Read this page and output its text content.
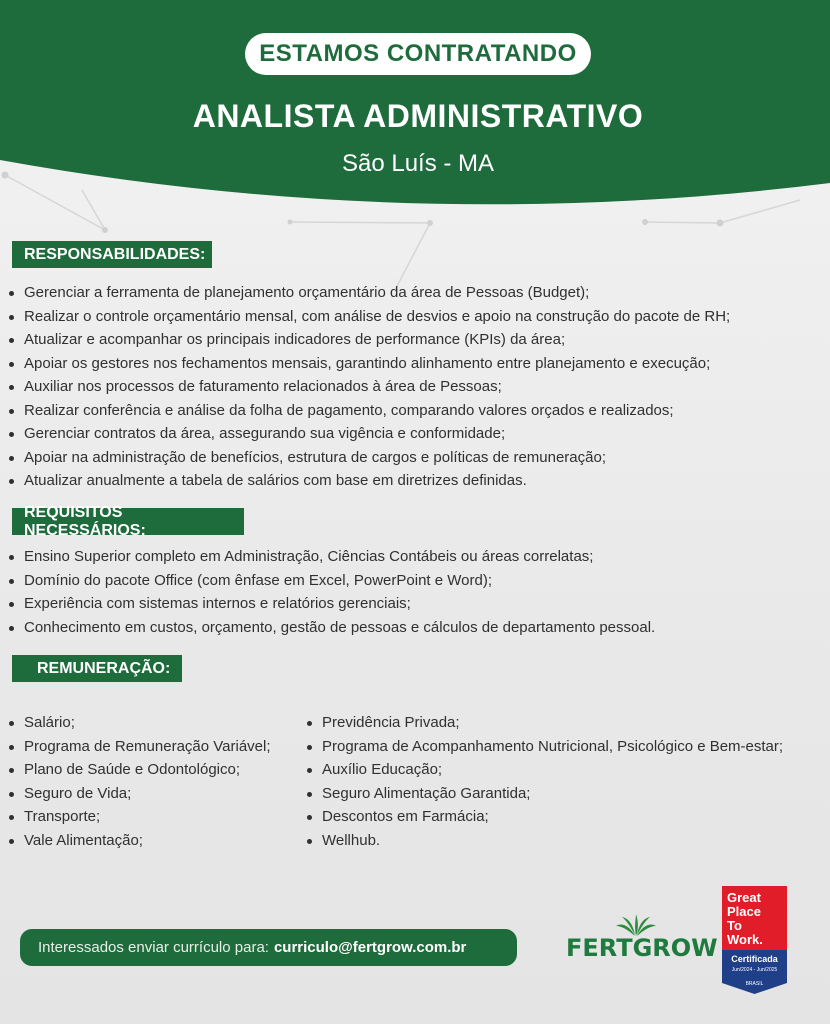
ESTAMOS CONTRATANDO
ANALISTA ADMINISTRATIVO
São Luís - MA
RESPONSABILIDADES:
Gerenciar a ferramenta de planejamento orçamentário da área de Pessoas (Budget);
Realizar o controle orçamentário mensal, com análise de desvios e apoio na construção do pacote de RH;
Atualizar e acompanhar os principais indicadores de performance (KPIs) da área;
Apoiar os gestores nos fechamentos mensais, garantindo alinhamento entre planejamento e execução;
Auxiliar nos processos de faturamento relacionados à área de Pessoas;
Realizar conferência e análise da folha de pagamento, comparando valores orçados e realizados;
Gerenciar contratos da área, assegurando sua vigência e conformidade;
Apoiar na administração de benefícios, estrutura de cargos e políticas de remuneração;
Atualizar anualmente a tabela de salários com base em diretrizes definidas.
REQUISITOS NECESSÁRIOS:
Ensino Superior completo em Administração, Ciências Contábeis ou áreas correlatas;
Domínio do pacote Office (com ênfase em Excel, PowerPoint e Word);
Experiência com sistemas internos e relatórios gerenciais;
Conhecimento em custos, orçamento, gestão de pessoas e cálculos de departamento pessoal.
REMUNERAÇÃO:
Salário;
Programa de Remuneração Variável;
Plano de Saúde e Odontológico;
Seguro de Vida;
Transporte;
Vale Alimentação;
Previdência Privada;
Programa de Acompanhamento Nutricional, Psicológico e Bem-estar;
Auxílio Educação;
Seguro Alimentação Garantida;
Descontos em Farmácia;
Wellhub.
Interessados enviar currículo para: curriculo@fertgrow.com.br	FERTGROW
Great
Place
To
Work.
Certificada
Jun/2024 - Jun/2025
BRASIL
